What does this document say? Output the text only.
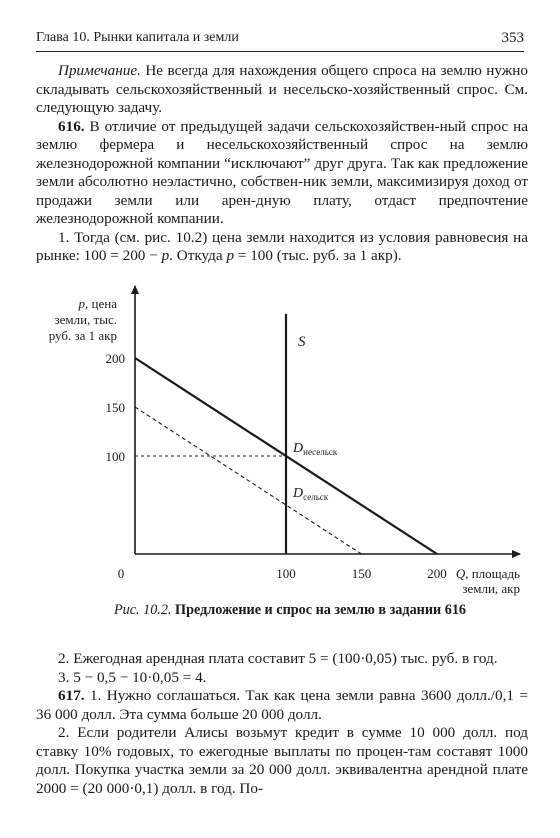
Глава 10. Рынки капитала и земли	353

Примечание. Не всегда для нахождения общего спроса на землю нужно складывать сельскохозяйственный и несельско-хозяйственный спрос. См. следующую задачу.

616. В отличие от предыдущей задачи сельскохозяйствен-ный спрос на землю фермера и несельскохозяйственный спрос на землю железнодорожной компании “исключают” друг друга. Так как предложение земли абсолютно неэластично, собствен-ник земли, максимизируя доход от продажи земли или арен-дную плату, отдаст предпочтение железнодорожной компании.

1. Тогда (см. рис. 10.2) цена земли находится из условия равновесия на рынке: 100 = 200 − p. Откуда p = 100 (тыс. руб. за 1 акр).

S
$D_{несельск}$
$D_{сельск}$
200
150
100
100	150	200
0
p, цена
земли, тыс.
руб. за 1 акр
Q, площадь
земли, акр
Рис. 10.2. Предложение и спрос на землю в задании 616

2. Ежегодная арендная плата составит 5 = (100·0,05) тыс. руб. в год.

3. 5 − 0,5 − 10·0,05 = 4.

617. 1. Нужно соглашаться. Так как цена земли равна 3600 долл./0,1 = 36 000 долл. Эта сумма больше 20 000 долл.

2. Если родители Алисы возьмут кредит в сумме 10 000 долл. под ставку 10% годовых, то ежегодные выплаты по процен-там составят 1000 долл. Покупка участка земли за 20 000 долл. эквивалентна арендной плате 2000 = (20 000·0,1) долл. в год. По-
